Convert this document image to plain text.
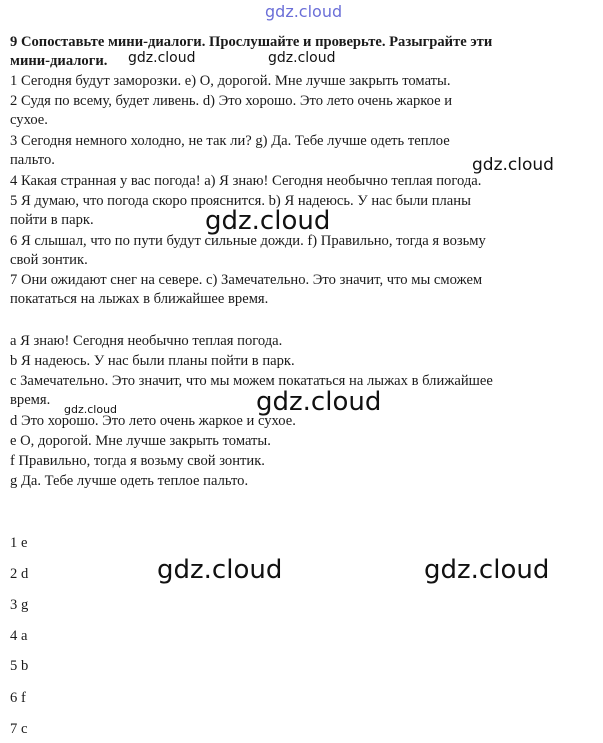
gdz.cloud
gdz.cloud	gdz.cloud
gdz.cloud
gdz.cloud
gdz.cloud
gdz.cloud
gdz.cloud	gdz.cloud
9 Сопоставьте мини-диалоги. Прослушайте и проверьте. Разыграйте эти
мини-диалоги.
1 Сегодня будут заморозки. e) О, дорогой. Мне лучше закрыть томаты.
2 Судя по всему, будет ливень. d) Это хорошо. Это лето очень жаркое и
сухое.
3 Сегодня немного холодно, не так ли? g) Да. Тебе лучше одеть теплое
пальто.
4 Какая странная у вас погода! a) Я знаю! Сегодня необычно теплая погода.
5 Я думаю, что погода скоро прояснится. b) Я надеюсь. У нас были планы
пойти в парк.
6 Я слышал, что по пути будут сильные дожди. f) Правильно, тогда я возьму
свой зонтик.
7 Они ожидают снег на севере. c) Замечательно. Это значит, что мы сможем
покататься на лыжах в ближайшее время.
a Я знаю! Сегодня необычно теплая погода.
b Я надеюсь. У нас были планы пойти в парк.
c Замечательно. Это значит, что мы можем покататься на лыжах в ближайшее
время.
d Это хорошо. Это лето очень жаркое и сухое.
e О, дорогой. Мне лучше закрыть томаты.
f Правильно, тогда я возьму свой зонтик.
g Да. Тебе лучше одеть теплое пальто.
1 e
2 d
3 g
4 a
5 b
6 f
7 c
